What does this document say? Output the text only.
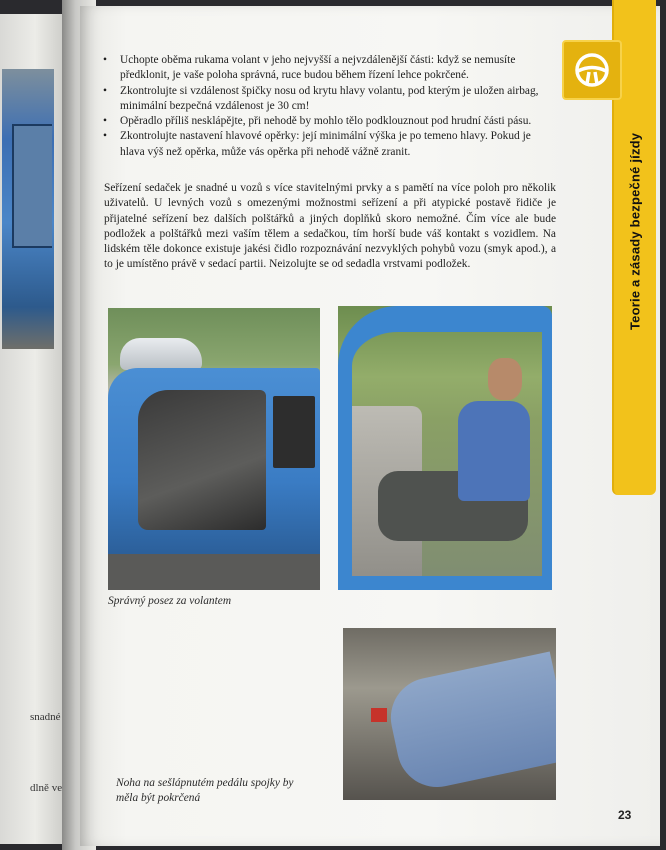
snadné
dlně ve
Teorie a zásady bezpečné jízdy
• Uchopte oběma rukama volant v jeho nejvyšší a nejvzdálenější části: když se nemusíte předklonit, je vaše poloha správná, ruce budou během řízení lehce pokrčené.
• Zkontrolujte si vzdálenost špičky nosu od krytu hlavy volantu, pod kterým je uložen airbag, minimální bezpečná vzdálenost je 30 cm!
• Opěradlo příliš nesklápějte, při nehodě by mohlo tělo podklouznout pod hrudní části pásu.
• Zkontrolujte nastavení hlavové opěrky: její minimální výška je po temeno hlavy. Pokud je hlava výš než opěrka, může vás opěrka při nehodě vážně zranit.

Seřízení sedaček je snadné u vozů s více stavitelnými prvky a s pamětí na více poloh pro několik uživatelů. U levných vozů s omezenými možnostmi seřízení a při atypické postavě řidiče je přijatelné seřízení bez dalších polštářků a jiných doplňků skoro nemožné. Čím více ale bude podložek a polštářků mezi vaším tělem a sedačkou, tím horší bude váš kontakt s vozidlem. Na lidském těle dokonce existuje jakési čidlo rozpoznávání nezvyklých pohybů vozu (smyk apod.), a to je umístěno právě v sedací partii. Neizolujte se od sedadla vrstvami podložek.

Správný posez za volantem
Noha na sešlápnutém pedálu spojky by
měla být pokrčená
23
